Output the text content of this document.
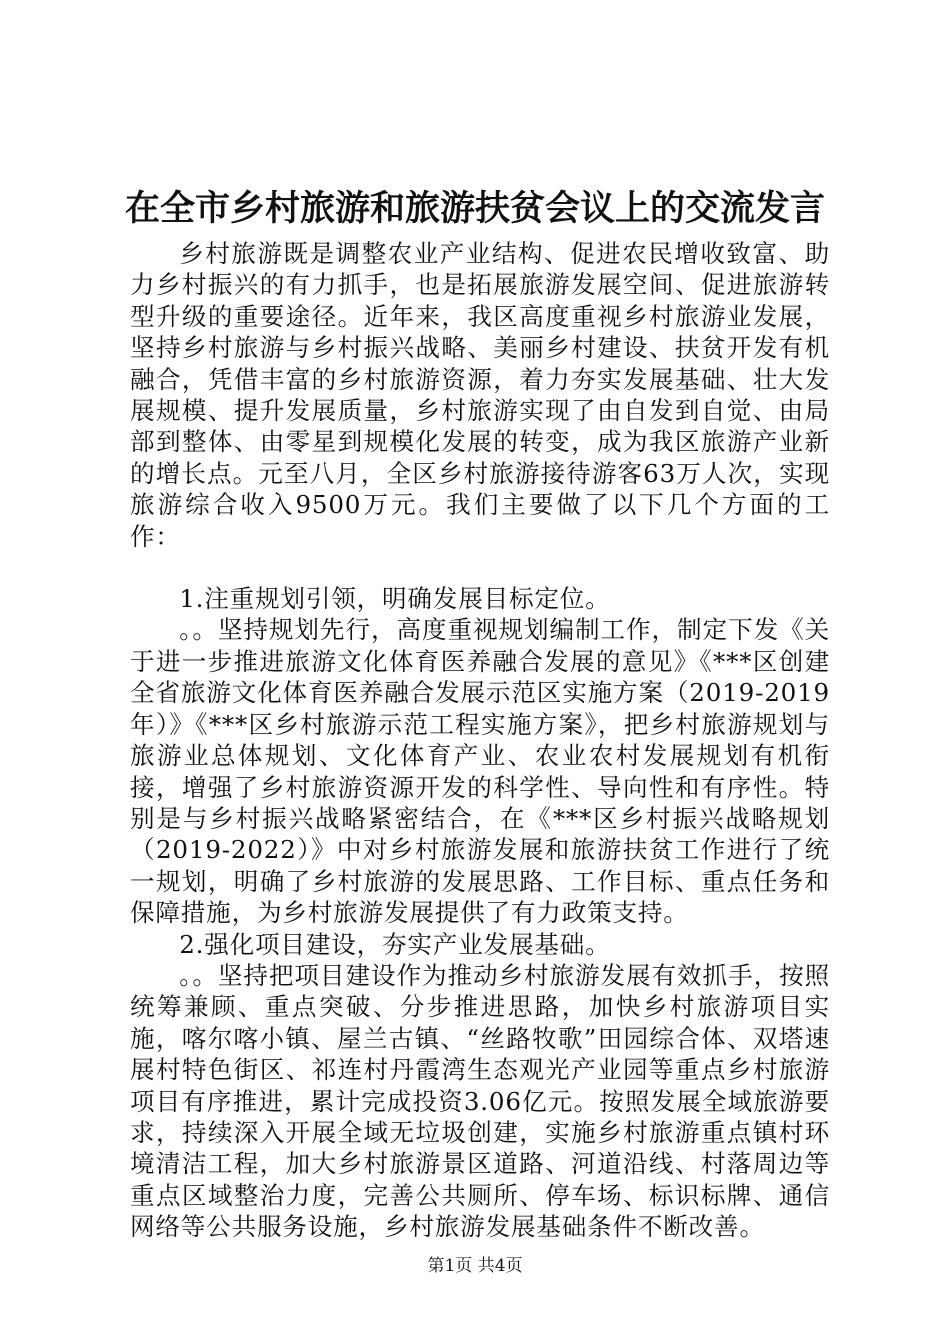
在全市乡村旅游和旅游扶贫会议上的交流发言

乡村旅游既是调整农业产业结构、促进农民增收致富、助力乡村振兴的有力抓手，也是拓展旅游发展空间、促进旅游转型升级的重要途径。近年来，我区高度重视乡村旅游业发展，坚持乡村旅游与乡村振兴战略、美丽乡村建设、扶贫开发有机融合，凭借丰富的乡村旅游资源，着力夯实发展基础、壮大发展规模、提升发展质量，乡村旅游实现了由自发到自觉、由局部到整体、由零星到规模化发展的转变，成为我区旅游产业新的增长点。元至八月，全区乡村旅游接待游客63万人次，实现旅游综合收入9500万元。我们主要做了以下几个方面的工作：

1.注重规划引领，明确发展目标定位。

。。坚持规划先行，高度重视规划编制工作，制定下发《关于进一步推进旅游文化体育医养融合发展的意见》《***区创建全省旅游文化体育医养融合发展示范区实施方案（2019-2019年）》《***区乡村旅游示范工程实施方案》，把乡村旅游规划与旅游业总体规划、文化体育产业、农业农村发展规划有机衔接，增强了乡村旅游资源开发的科学性、导向性和有序性。特别是与乡村振兴战略紧密结合，在《***区乡村振兴战略规划（2019-2022）》中对乡村旅游发展和旅游扶贫工作进行了统一规划，明确了乡村旅游的发展思路、工作目标、重点任务和保障措施，为乡村旅游发展提供了有力政策支持。

2.强化项目建设，夯实产业发展基础。

。。坚持把项目建设作为推动乡村旅游发展有效抓手，按照统筹兼顾、重点突破、分步推进思路，加快乡村旅游项目实施，喀尔喀小镇、屋兰古镇、“丝路牧歌”田园综合体、双塔速展村特色街区、祁连村丹霞湾生态观光产业园等重点乡村旅游项目有序推进，累计完成投资3.06亿元。按照发展全域旅游要求，持续深入开展全域无垃圾创建，实施乡村旅游重点镇村环境清洁工程，加大乡村旅游景区道路、河道沿线、村落周边等重点区域整治力度，完善公共厕所、停车场、标识标牌、通信网络等公共服务设施，乡村旅游发展基础条件不断改善。

第1页 共4页
